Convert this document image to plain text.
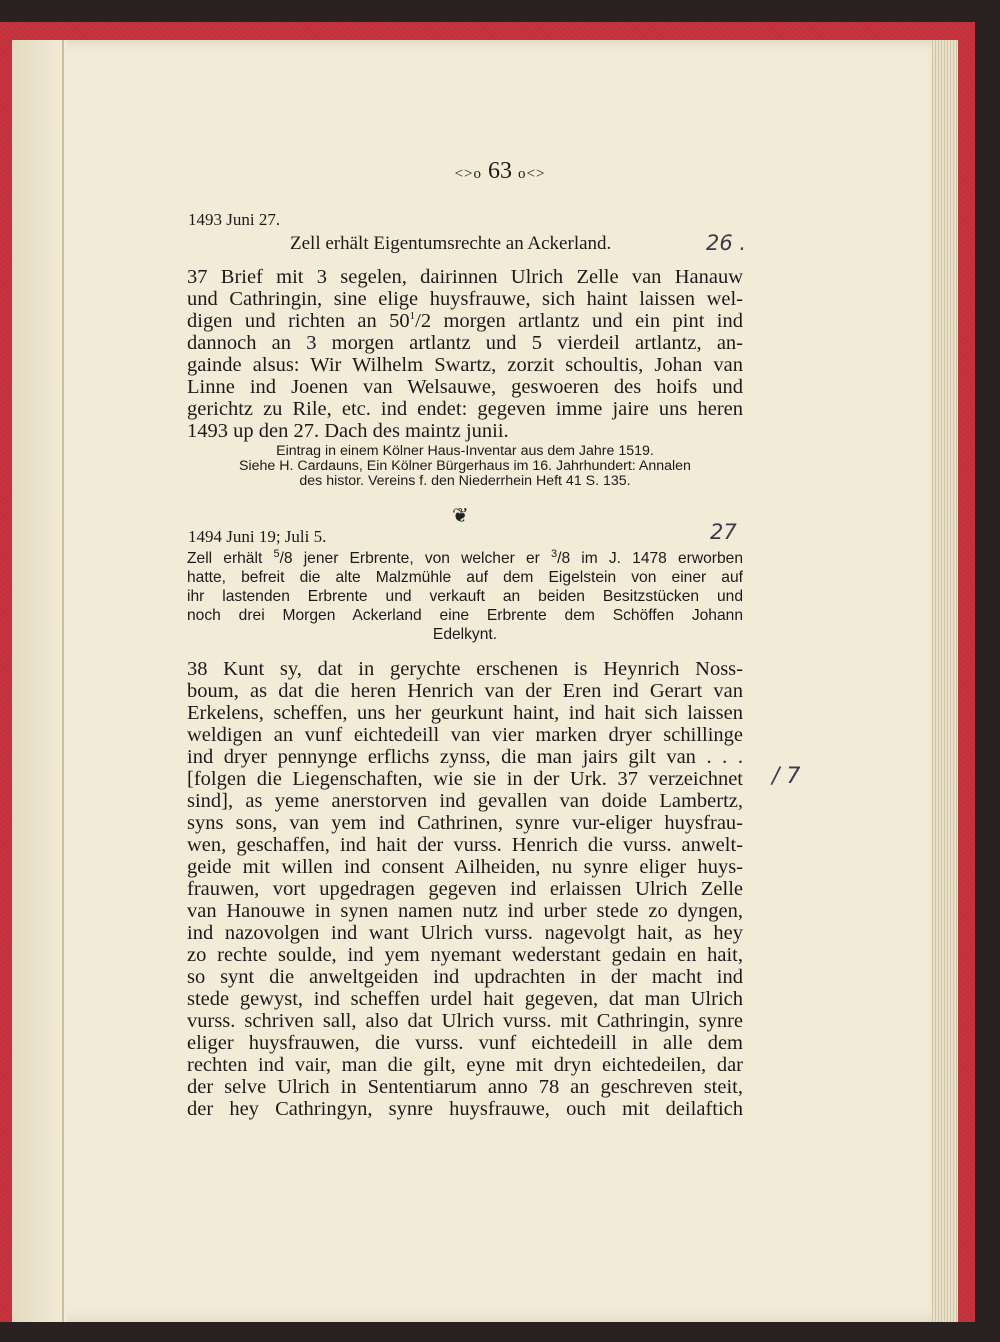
<>o 63 o<>
1493 Juni 27.
Zell erhält Eigentumsrechte an Ackerland.	26 .
37 Brief mit 3 segelen, dairinnen Ulrich Zelle van Hanauw
und Cathringin, sine elige huysfrauwe, sich haint laissen wel-
digen und richten an $50^1/2$ morgen artlantz und ein pint ind
dannoch an 3 morgen artlantz und 5 vierdeil artlantz, an-
gainde alsus: Wir Wilhelm Swartz, zorzit schoultis, Johan van
Linne ind Joenen van Welsauwe, geswoeren des hoifs und
gerichtz zu Rile, etc. ind endet: gegeven imme jaire uns heren
1493 up den 27. Dach des maintz junii.
Eintrag in einem Kölner Haus-Inventar aus dem Jahre 1519.
Siehe H. Cardauns, Ein Kölner Bürgerhaus im 16. Jahrhundert: Annalen
des histor. Vereins f. den Niederrhein Heft 41 S. 135.
❦
1494 Juni 19; Juli 5.	27
Zell erhält $^5$/8 jener Erbrente, von welcher er $^3$/8 im J. 1478 erworben
hatte, befreit die alte Malzmühle auf dem Eigelstein von einer auf
ihr lastenden Erbrente und verkauft an beiden Besitzstücken und
noch drei Morgen Ackerland eine Erbrente dem Schöffen Johann
Edelkynt.
38 Kunt sy, dat in gerychte erschenen is Heynrich Noss-
boum, as dat die heren Henrich van der Eren ind Gerart van
Erkelens, scheffen, uns her geurkunt haint, ind hait sich laissen
weldigen an vunf eichtedeill van vier marken dryer schillinge
ind dryer pennynge erflichs zynss, die man jairs gilt van . . .
[folgen die Liegenschaften, wie sie in der Urk. 37 verzeichnet / 7
sind], as yeme anerstorven ind gevallen van doide Lambertz,
syns sons, van yem ind Cathrinen, synre vur-eliger huysfrau-
wen, geschaffen, ind hait der vurss. Henrich die vurss. anwelt-
geide mit willen ind consent Ailheiden, nu synre eliger huys-
frauwen, vort upgedragen gegeven ind erlaissen Ulrich Zelle
van Hanouwe in synen namen nutz ind urber stede zo dyngen,
ind nazovolgen ind want Ulrich vurss. nagevolgt hait, as hey
zo rechte soulde, ind yem nyemant wederstant gedain en hait,
so synt die anweltgeiden ind updrachten in der macht ind
stede gewyst, ind scheffen urdel hait gegeven, dat man Ulrich
vurss. schriven sall, also dat Ulrich vurss. mit Cathringin, synre
eliger huysfrauwen, die vurss. vunf eichtedeill in alle dem
rechten ind vair, man die gilt, eyne mit dryn eichtedeilen, dar
der selve Ulrich in Sententiarum anno 78 an geschreven steit,
der hey Cathringyn, synre huysfrauwe, ouch mit deilaftich
